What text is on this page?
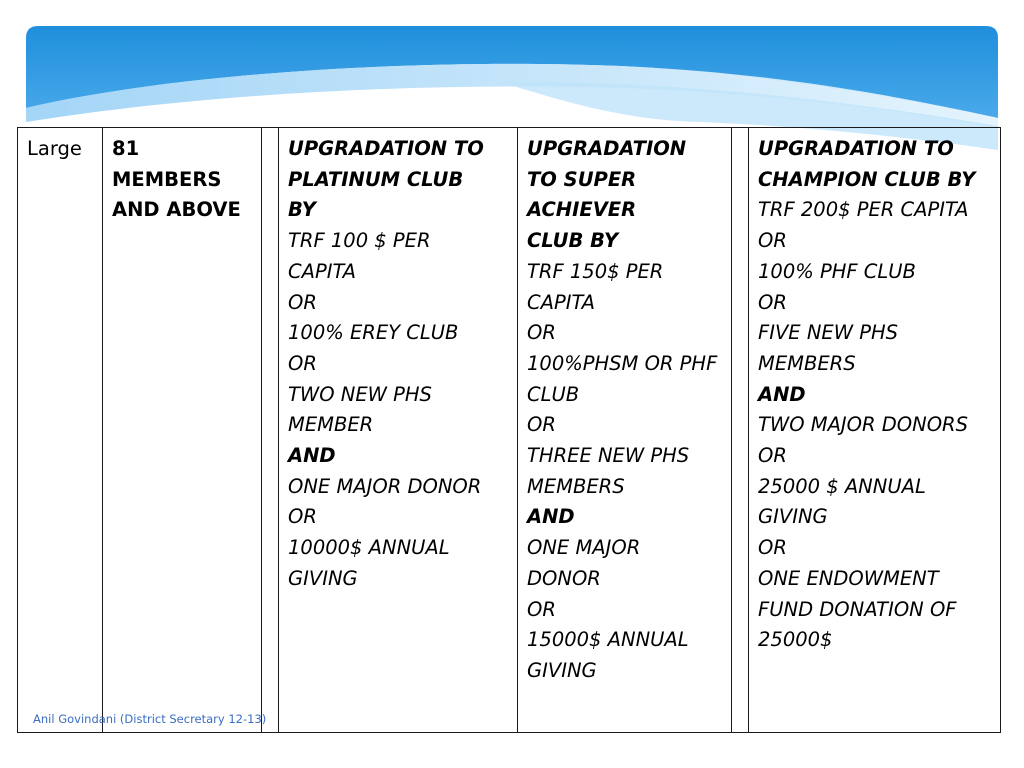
Large	81
MEMBERS
AND ABOVE

UPGRADATION TO
PLATINUM CLUB
BY
TRF 100 $ PER
CAPITA
OR
100% EREY CLUB
OR
TWO NEW PHS
MEMBER
AND
ONE MAJOR DONOR
OR
10000$ ANNUAL
GIVING

UPGRADATION
TO SUPER
ACHIEVER
CLUB BY
TRF 150$ PER
CAPITA
OR
100%PHSM OR PHF
CLUB
OR
THREE NEW PHS
MEMBERS
AND
ONE MAJOR
DONOR
OR
15000$ ANNUAL
GIVING

UPGRADATION TO
CHAMPION CLUB BY
TRF 200$ PER CAPITA
OR
100% PHF CLUB
OR
FIVE NEW PHS
MEMBERS
AND
TWO MAJOR DONORS
OR
25000 $ ANNUAL
GIVING
OR
ONE ENDOWMENT
FUND DONATION OF
25000$
Anil Govindani (District Secretary 12-13)
